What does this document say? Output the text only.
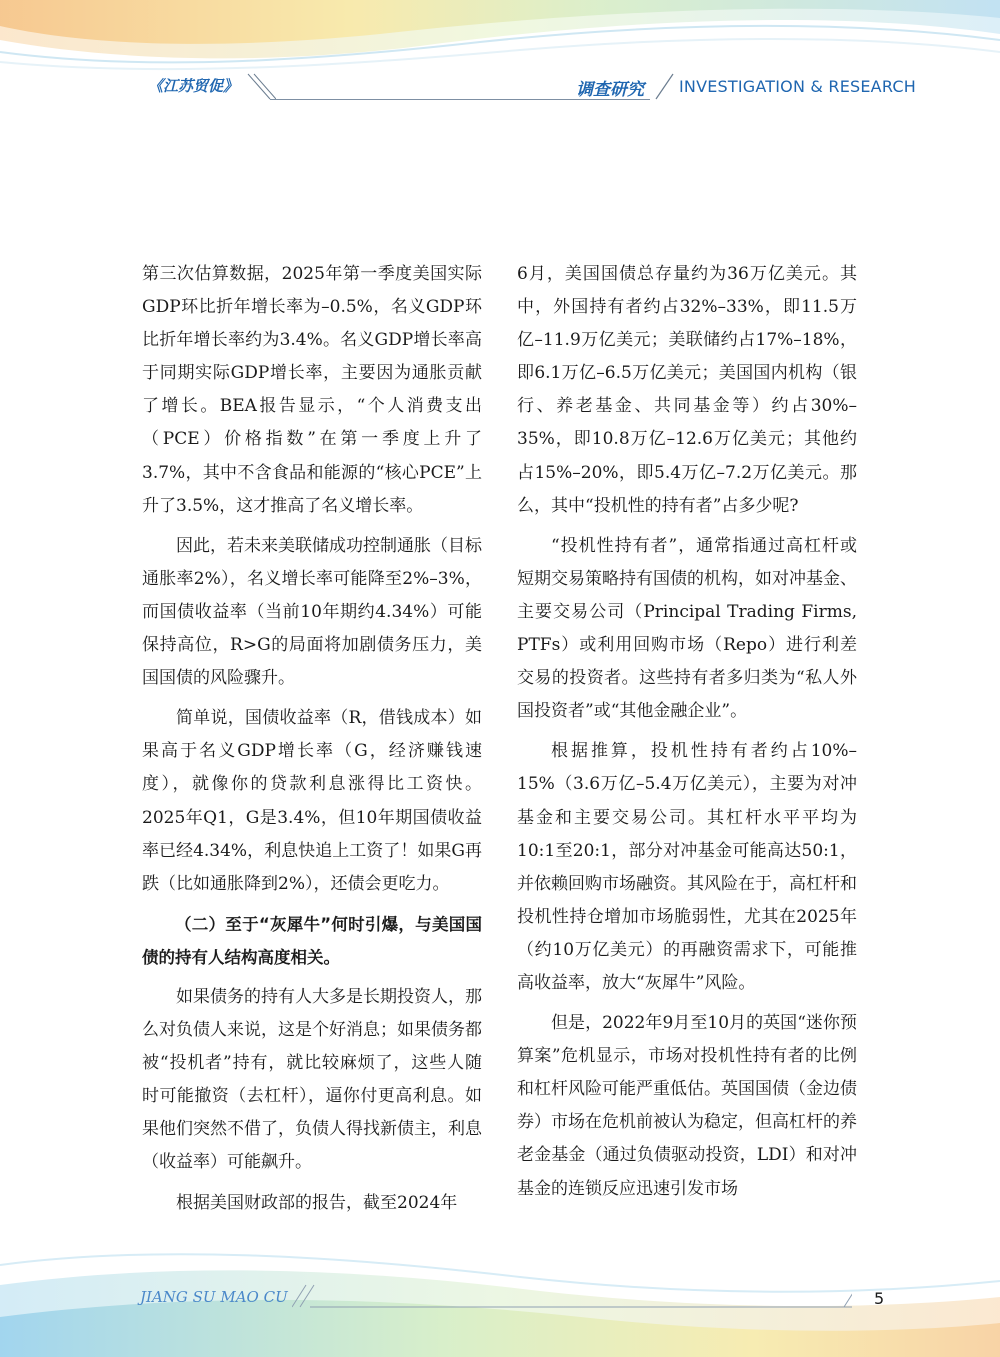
《江苏贸促》	调查研究 INVESTIGATION & RESEARCH

第三次估算数据，2025年第一季度美国实际GDP环比折年增长率为–0.5%，名义GDP环比折年增长率约为3.4%。名义GDP增长率高于同期实际GDP增长率，主要因为通胀贡献了增长。BEA报告显示，“个人消费支出（PCE）价格指数”在第一季度上升了3.7%，其中不含食品和能源的“核心PCE”上升了3.5%，这才推高了名义增长率。

因此，若未来美联储成功控制通胀（目标通胀率2%），名义增长率可能降至2%–3%，而国债收益率（当前10年期约4.34%）可能保持高位，R>G的局面将加剧债务压力，美国国债的风险骤升。

简单说，国债收益率（R，借钱成本）如果高于名义GDP增长率（G，经济赚钱速度），就像你的贷款利息涨得比工资快。2025年Q1，G是3.4%，但10年期国债收益率已经4.34%，利息快追上工资了！如果G再跌（比如通胀降到2%），还债会更吃力。

（二）至于“灰犀牛”何时引爆，与美国国债的持有人结构高度相关。

如果债务的持有人大多是长期投资人，那么对负债人来说，这是个好消息；如果债务都被“投机者”持有，就比较麻烦了，这些人随时可能撤资（去杠杆），逼你付更高利息。如果他们突然不借了，负债人得找新债主，利息（收益率）可能飙升。

根据美国财政部的报告，截至2024年

6月，美国国债总存量约为36万亿美元。其中，外国持有者约占32%–33%，即11.5万亿–11.9万亿美元；美联储约占17%–18%，即6.1万亿–6.5万亿美元；美国国内机构（银行、养老基金、共同基金等）约占30%–35%，即10.8万亿–12.6万亿美元；其他约占15%–20%，即5.4万亿–7.2万亿美元。那么，其中“投机性的持有者”占多少呢?

“投机性持有者”，通常指通过高杠杆或短期交易策略持有国债的机构，如对冲基金、主要交易公司（Principal Trading Firms, PTFs）或利用回购市场（Repo）进行利差交易的投资者。这些持有者多归类为“私人外国投资者”或“其他金融企业”。

根据推算，投机性持有者约占10%–15%（3.6万亿–5.4万亿美元），主要为对冲基金和主要交易公司。其杠杆水平平均为10:1至20:1，部分对冲基金可能高达50:1，并依赖回购市场融资。其风险在于，高杠杆和投机性持仓增加市场脆弱性，尤其在2025年（约10万亿美元）的再融资需求下，可能推高收益率，放大“灰犀牛”风险。

但是，2022年9月至10月的英国“迷你预算案”危机显示，市场对投机性持有者的比例和杠杆风险可能严重低估。英国国债（金边债券）市场在危机前被认为稳定，但高杠杆的养老金基金（通过负债驱动投资，LDI）和对冲基金的连锁反应迅速引发市场

JIANG SU MAO CU	5
